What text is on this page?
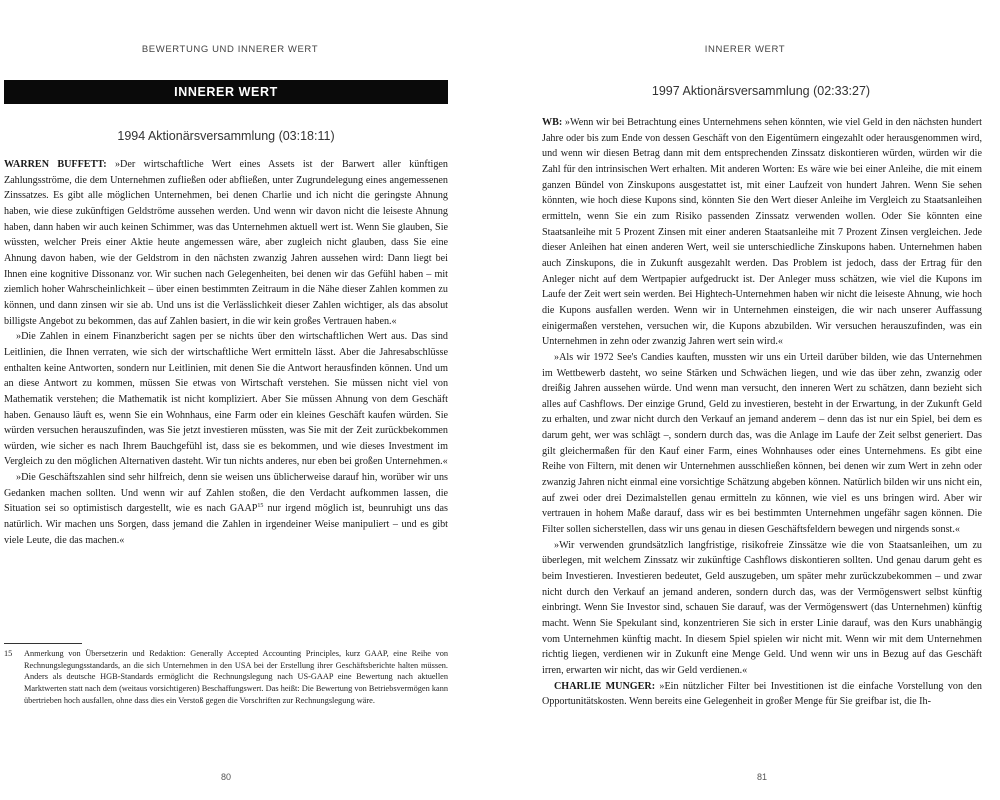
BEWERTUNG UND INNERER WERT
INNERER WERT
1994 Aktionärsversammlung (03:18:11)

WARREN BUFFETT: »Der wirtschaftliche Wert eines Assets ist der Barwert aller künftigen Zahlungsströme, die dem Unternehmen zufließen oder abfließen, unter Zugrundelegung eines angemessenen Zinssatzes. Es gibt alle möglichen Unternehmen, bei denen Charlie und ich nicht die geringste Ahnung haben, wie diese zukünftigen Geldströme aussehen werden. Und wenn wir davon nicht die leiseste Ahnung haben, dann haben wir auch keinen Schimmer, was das Unternehmen aktuell wert ist. Wenn Sie glauben, Sie wüssten, welcher Preis einer Aktie heute angemessen wäre, aber zugleich nicht glauben, dass Sie eine Ahnung davon haben, wie der Geldstrom in den nächsten zwanzig Jahren aussehen wird: Dann liegt bei Ihnen eine kognitive Dissonanz vor. Wir suchen nach Gelegenheiten, bei denen wir das Gefühl haben – mit ziemlich hoher Wahrscheinlichkeit – über einen bestimmten Zeitraum in die Nähe dieser Zahlen kommen zu können, und dann zinsen wir sie ab. Und uns ist die Verlässlichkeit dieser Zahlen wichtiger, als das absolut billigste Angebot zu bekommen, das auf Zahlen basiert, in die wir kein großes Vertrauen haben.«

»Die Zahlen in einem Finanzbericht sagen per se nichts über den wirtschaftlichen Wert aus. Das sind Leitlinien, die Ihnen verraten, wie sich der wirtschaftliche Wert ermitteln lässt. Aber die Jahresabschlüsse enthalten keine Antworten, sondern nur Leitlinien, mit denen Sie die Antwort herausfinden können. Und um an diese Antwort zu kommen, müssen Sie etwas von Wirtschaft verstehen. Sie müssen nicht viel von Mathematik verstehen; die Mathematik ist nicht kompliziert. Aber Sie müssen Ahnung von dem Geschäft haben. Genauso läuft es, wenn Sie ein Wohnhaus, eine Farm oder ein kleines Geschäft kaufen würden. Sie würden versuchen herauszufinden, was Sie jetzt investieren müssten, was Sie mit der Zeit zurückbekommen würden, wie sicher es nach Ihrem Bauchgefühl ist, dass sie es bekommen, und wie dieses Investment im Vergleich zu den möglichen Alternativen dasteht. Wir tun nichts anderes, nur eben bei großen Unternehmen.«

»Die Geschäftszahlen sind sehr hilfreich, denn sie weisen uns üblicherweise darauf hin, worüber wir uns Gedanken machen sollten. Und wenn wir auf Zahlen stoßen, die den Verdacht aufkommen lassen, die Situation sei so optimistisch dargestellt, wie es nach GAAP$^{15}$ nur irgend möglich ist, beunruhigt uns das natürlich. Wir machen uns Sorgen, dass jemand die Zahlen in irgendeiner Weise manipuliert – und es gibt viele Leute, die das machen.«

15 Anmerkung von Übersetzerin und Redaktion: Generally Accepted Accounting Principles, kurz GAAP, eine Reihe von Rechnungslegungsstandards, an die sich Unternehmen in den USA bei der Erstellung ihrer Geschäftsberichte halten müssen. Anders als deutsche HGB-Standards ermöglicht die Rechnungslegung nach US-GAAP eine Bewertung nach aktuellen Marktwerten statt nach dem (weitaus vorsichtigeren) Beschaffungswert. Das heißt: Die Bewertung von Betriebsvermögen kann übertrieben hoch ausfallen, ohne dass dies ein Verstoß gegen die Vorschriften zur Rechnungslegung wäre.
80
INNERER WERT
1997 Aktionärsversammlung (02:33:27)

WB: »Wenn wir bei Betrachtung eines Unternehmens sehen könnten, wie viel Geld in den nächsten hundert Jahre oder bis zum Ende von dessen Geschäft von den Eigentümern eingezahlt oder herausgenommen wird, und wenn wir diesen Betrag dann mit dem entsprechenden Zinssatz diskontieren würden, würden wir die Zahl für den intrinsischen Wert erhalten. Mit anderen Worten: Es wäre wie bei einer Anleihe, die mit einem ganzen Bündel von Zinskupons ausgestattet ist, mit einer Laufzeit von hundert Jahren. Wenn Sie sehen könnten, wie hoch diese Kupons sind, könnten Sie den Wert dieser Anleihe im Vergleich zu Staatsanleihen ermitteln, wenn Sie ein zum Risiko passenden Zinssatz verwenden wollen. Oder Sie könnten eine Staatsanleihe mit 5 Prozent Zinsen mit einer anderen Staatsanleihe mit 7 Prozent Zinsen vergleichen. Jede dieser Anleihen hat einen anderen Wert, weil sie unterschiedliche Zinskupons haben. Unternehmen haben auch Zinskupons, die in Zukunft ausgezahlt werden. Das Problem ist jedoch, dass der Ertrag für den Anleger nicht auf dem Wertpapier aufgedruckt ist. Der Anleger muss schätzen, wie viel die Kupons im Laufe der Zeit wert sein werden. Bei Hightech-Unternehmen haben wir nicht die leiseste Ahnung, wie hoch die Kupons ausfallen werden. Wenn wir in Unternehmen einsteigen, die wir nach unserer Auffassung einigermaßen verstehen, versuchen wir, die Kupons abzubilden. Wir versuchen herauszufinden, was ein Unternehmen in zehn oder zwanzig Jahren wert sein wird.«

»Als wir 1972 See's Candies kauften, mussten wir uns ein Urteil darüber bilden, wie das Unternehmen im Wettbewerb dasteht, wo seine Stärken und Schwächen liegen, und wie das über zehn, zwanzig oder dreißig Jahren aussehen würde. Und wenn man versucht, den inneren Wert zu schätzen, dann bezieht sich alles auf Cashflows. Der einzige Grund, Geld zu investieren, besteht in der Erwartung, in der Zukunft Geld zu erhalten, und zwar nicht durch den Verkauf an jemand anderem – denn das ist nur ein Spiel, bei dem es darum geht, wer was schlägt –, sondern durch das, was die Anlage im Laufe der Zeit selbst generiert. Das gilt gleichermaßen für den Kauf einer Farm, eines Wohnhauses oder eines Unternehmens. Es gibt eine Reihe von Filtern, mit denen wir Unternehmen ausschließen können, bei denen wir zum Wert in zehn oder zwanzig Jahren nicht einmal eine vorsichtige Schätzung abgeben können. Natürlich bilden wir uns nicht ein, auf zwei oder drei Dezimalstellen genau ermitteln zu können, wie viel es uns bringen wird. Aber wir vertrauen in hohem Maße darauf, dass wir es bei bestimmten Unternehmen ungefähr sagen können. Die Filter sollen sicherstellen, dass wir uns genau in diesen Geschäftsfeldern bewegen und nirgends sonst.«

»Wir verwenden grundsätzlich langfristige, risikofreie Zinssätze wie die von Staatsanleihen, um zu überlegen, mit welchem Zinssatz wir zukünftige Cashflows diskontieren sollten. Und genau darum geht es beim Investieren. Investieren bedeutet, Geld auszugeben, um später mehr zurückzubekommen – und zwar nicht durch den Verkauf an jemand anderen, sondern durch das, was der Vermögenswert selbst künftig einbringt. Wenn Sie Investor sind, schauen Sie darauf, was der Vermögenswert (das Unternehmen) künftig macht. Wenn Sie Spekulant sind, konzentrieren Sie sich in erster Linie darauf, was den Kurs unabhängig vom Unternehmen künftig macht. In diesem Spiel spielen wir nicht mit. Wenn wir mit dem Unternehmen richtig liegen, verdienen wir in Zukunft eine Menge Geld. Und wenn wir uns in Bezug auf das Geschäft irren, erwarten wir nicht, das wir Geld verdienen.«

CHARLIE MUNGER: »Ein nützlicher Filter bei Investitionen ist die einfache Vorstellung von den Opportunitätskosten. Wenn bereits eine Gelegenheit in großer Menge für Sie greifbar ist, die Ih-

81
